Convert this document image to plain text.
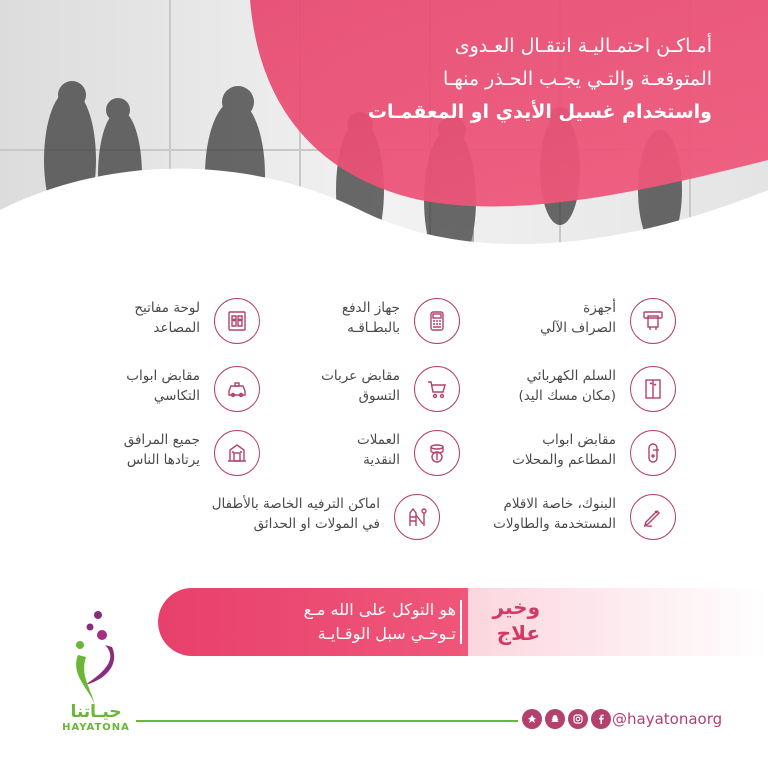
أمـاكـن احتمـاليـة انتقـال العـدوى
المتوقعـة والتـي يجـب الحـذر منهـا
واستخدام غسيل الأيدي او المعقمـات
أجهزة
الصراف الآلي
جهاز الدفع
بالبطـاقـه
لوحة مفاتيح
المصاعد
السلم الكهربائي
(مكان مسك اليد)
مقابض عربات
التسوق
مقابض ابواب
التكاسي
مقابض ابواب
المطاعم والمحلات
العملات
النقدية
جميع المرافق
يرتادها الناس
البنوك، خاصة الاقلام
المستخدمة والطاولات
اماكن الترفيه الخاصة بالأطفال
في المولات او الحدائق
هو التوكل على الله مـع
تـوخـي سبل الوقـايـة
وخير
علاج
حيـاتنا
HAYATONA	@hayatonaorg
